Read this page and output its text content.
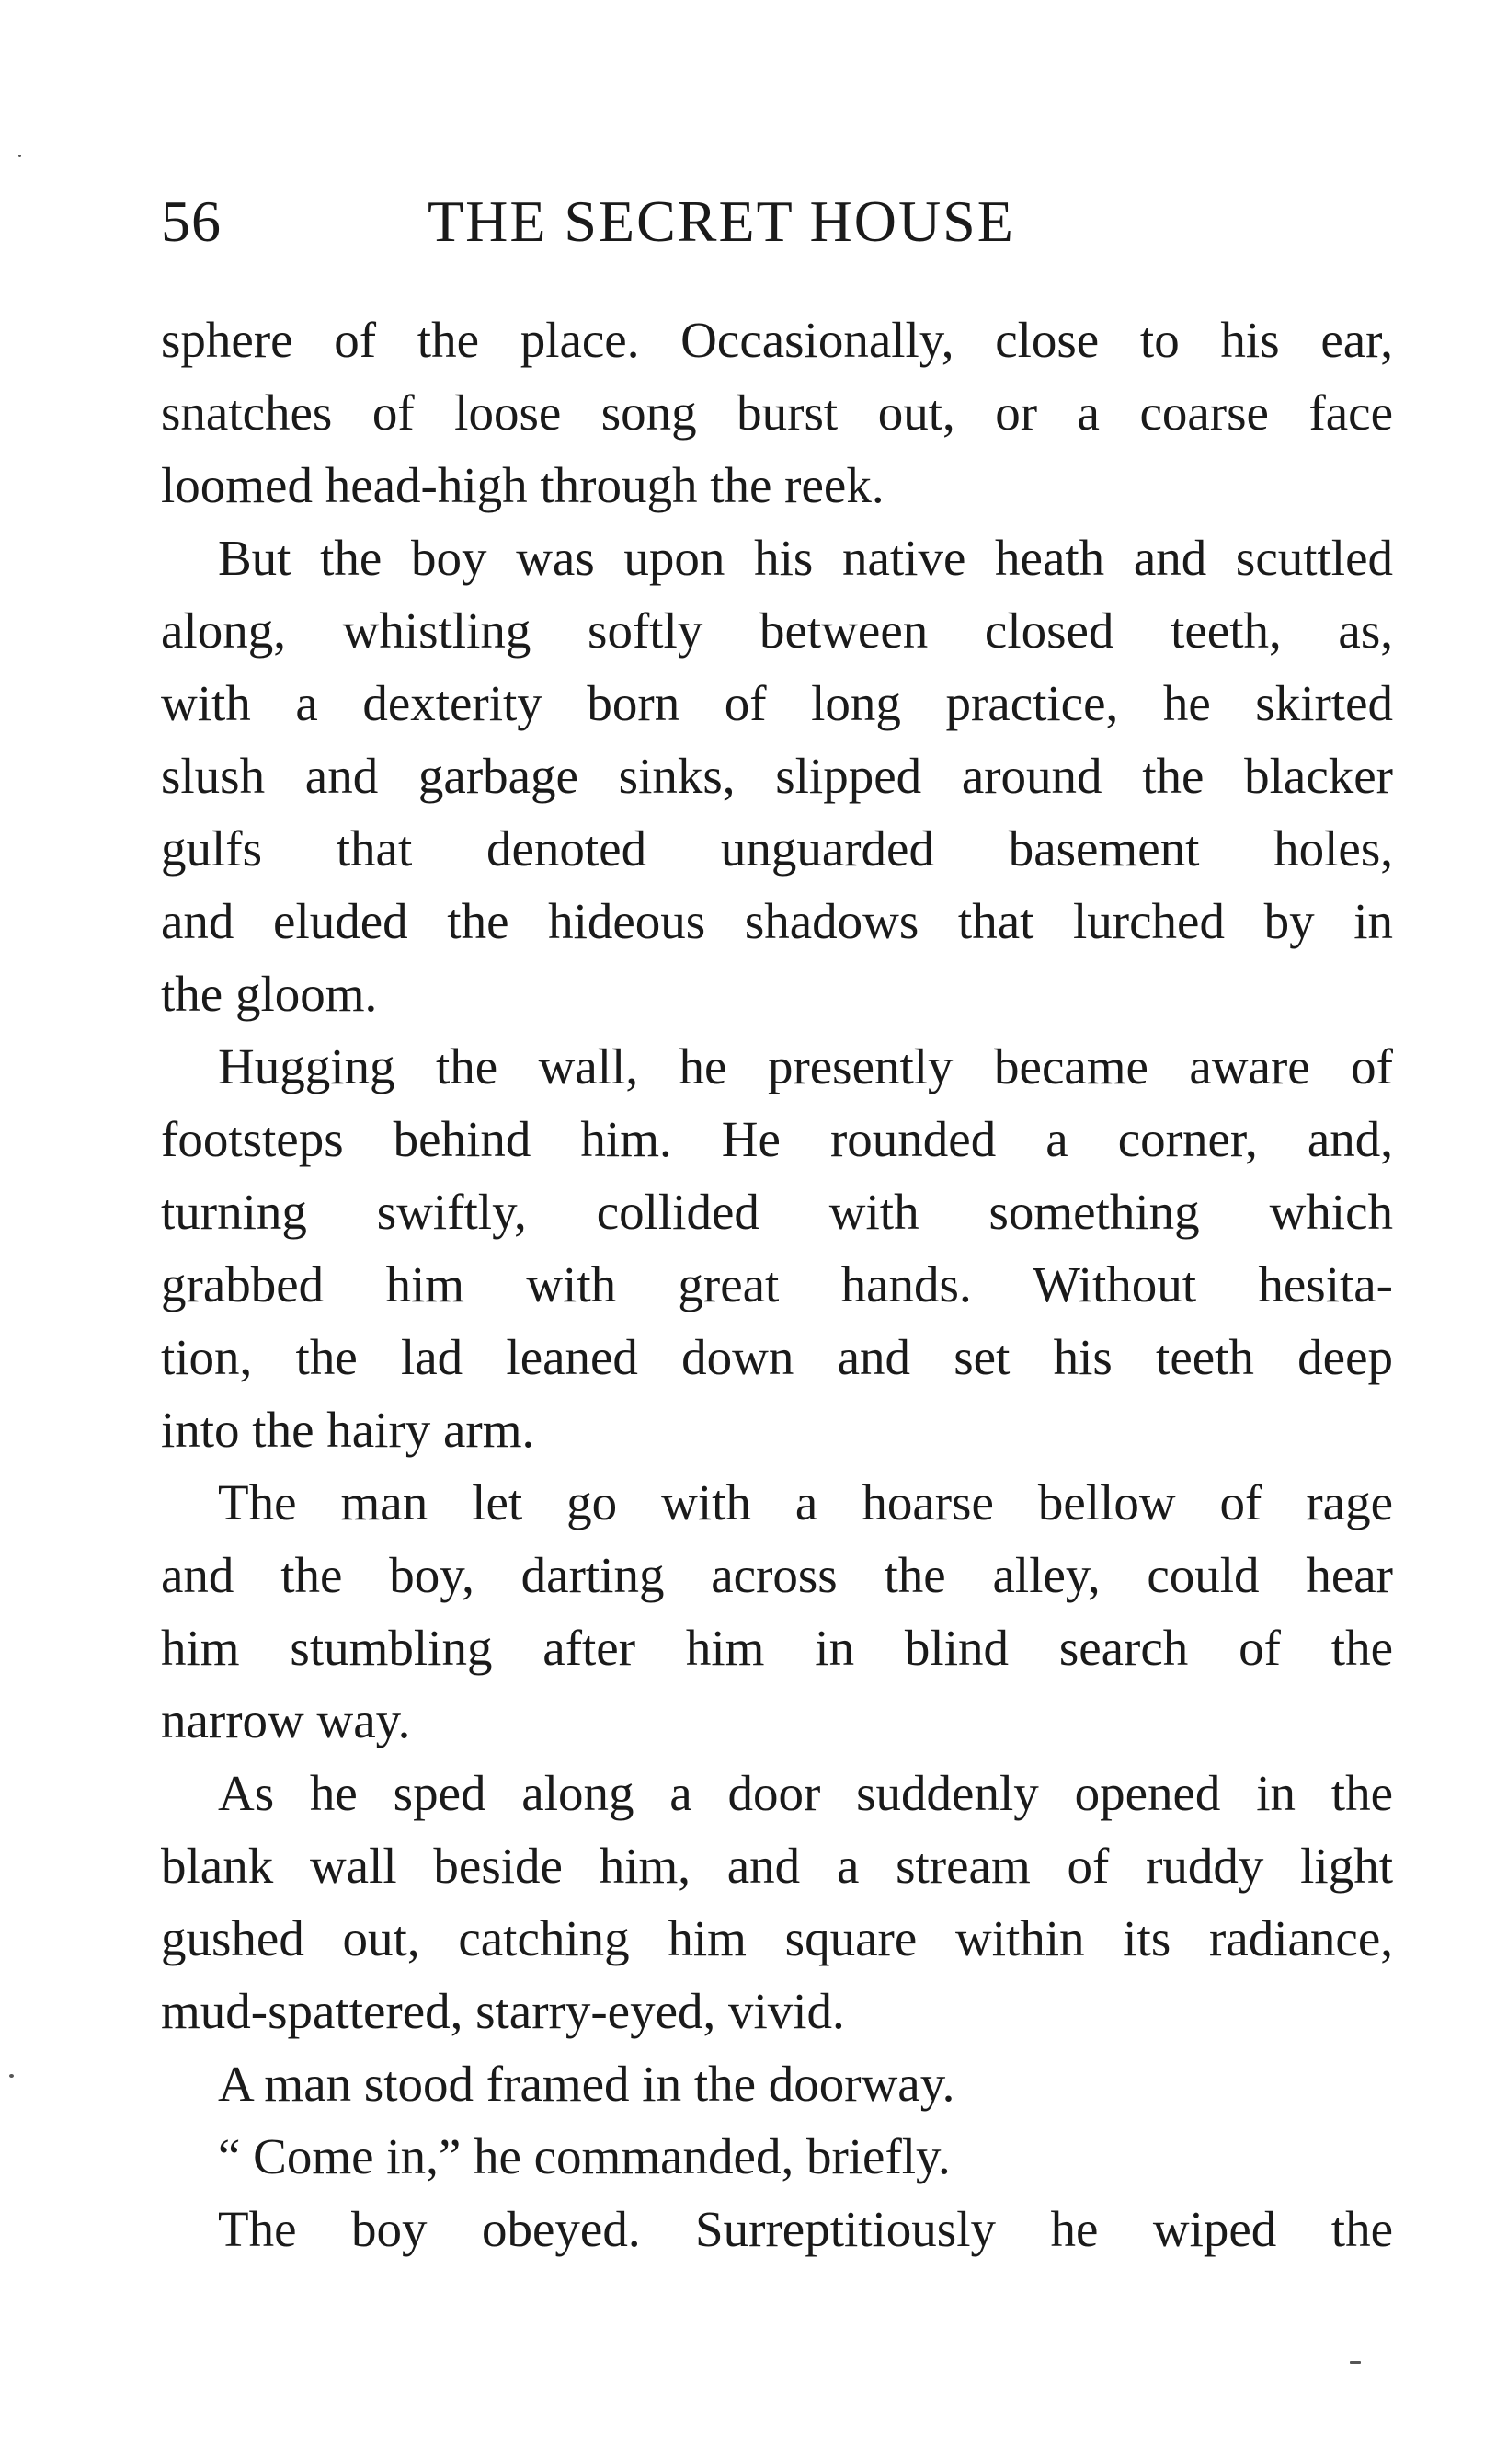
56	THE SECRET HOUSE
sphere of the place. Occasionally, close to his ear,
snatches of loose song burst out, or a coarse face
loomed head-high through the reek.
But the boy was upon his native heath and scuttled
along, whistling softly between closed teeth, as,
with a dexterity born of long practice, he skirted
slush and garbage sinks, slipped around the blacker
gulfs that denoted unguarded basement holes,
and eluded the hideous shadows that lurched by in
the gloom.
Hugging the wall, he presently became aware of
footsteps behind him. He rounded a corner, and,
turning swiftly, collided with something which
grabbed him with great hands. Without hesita-
tion, the lad leaned down and set his teeth deep
into the hairy arm.
The man let go with a hoarse bellow of rage
and the boy, darting across the alley, could hear
him stumbling after him in blind search of the
narrow way.
As he sped along a door suddenly opened in the
blank wall beside him, and a stream of ruddy light
gushed out, catching him square within its radiance,
mud-spattered, starry-eyed, vivid.
A man stood framed in the doorway.
“ Come in,” he commanded, briefly.
The boy obeyed. Surreptitiously he wiped the
